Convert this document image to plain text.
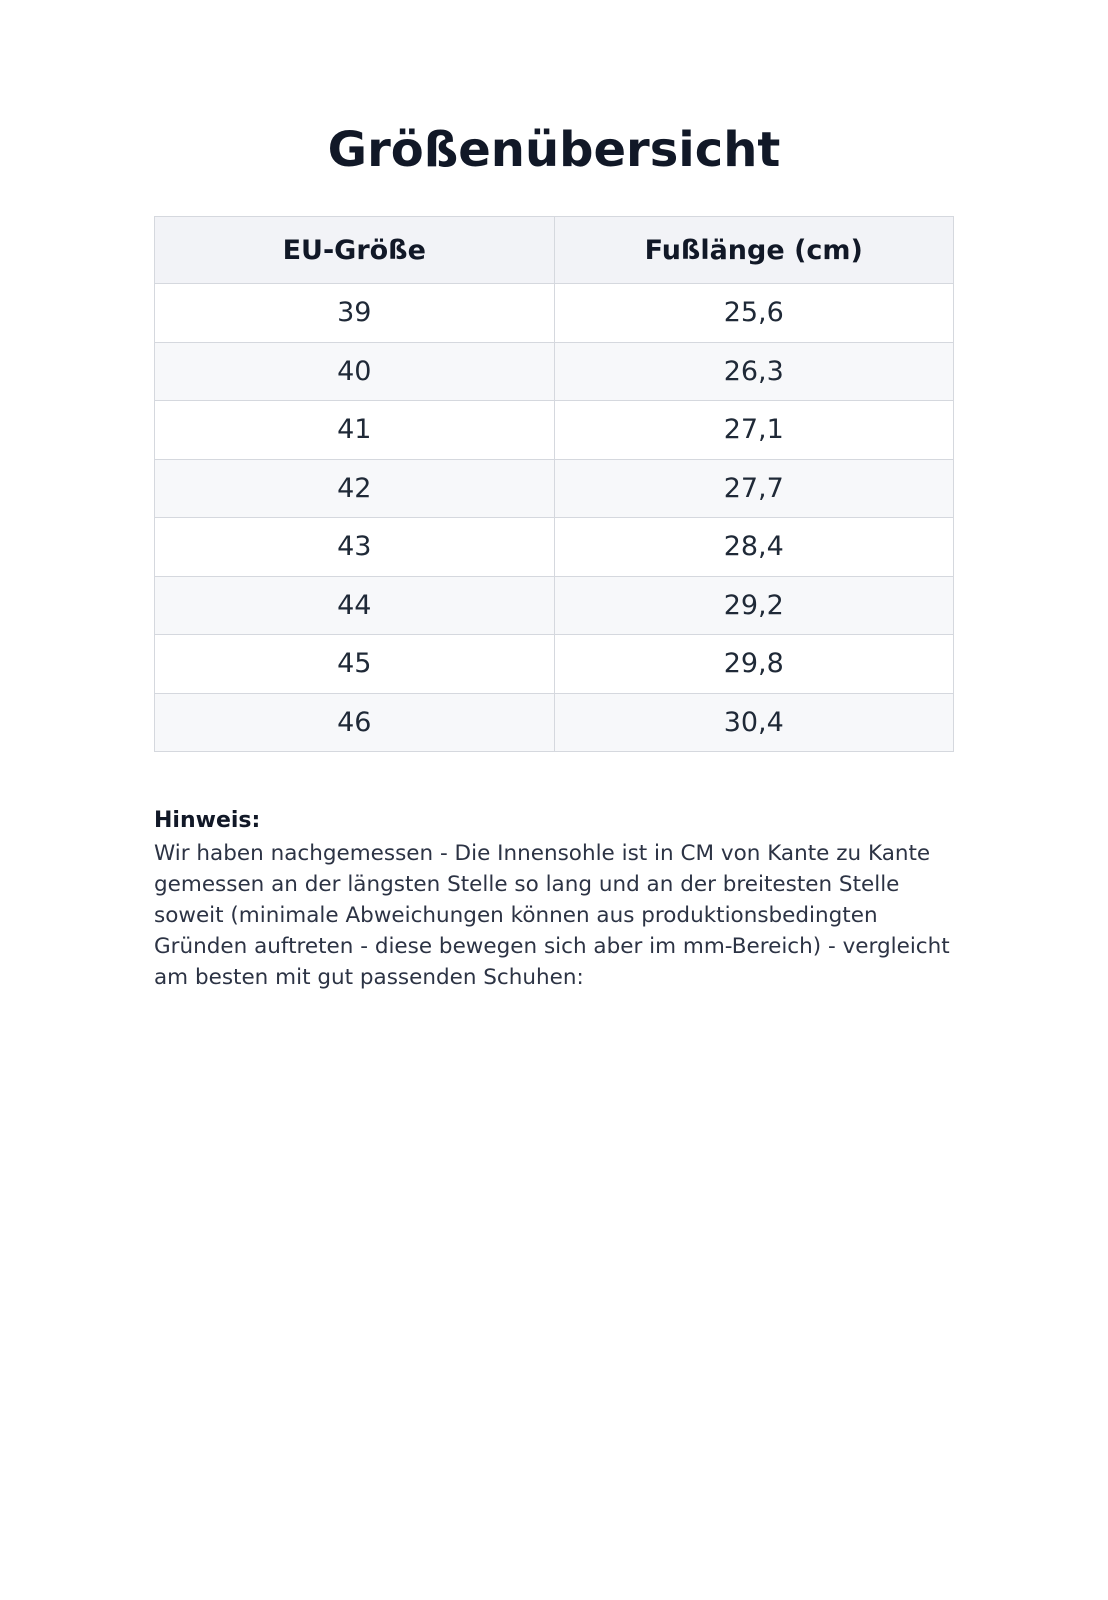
Größenübersicht
EU-Größe	Fußlänge (cm)
39	25,6
40	26,3
41	27,1
42	27,7
43	28,4
44	29,2
45	29,8
46	30,4
Hinweis:
Wir haben nachgemessen - Die Innensohle ist in CM von Kante zu Kante gemessen an der längsten Stelle so lang und an der breitesten Stelle soweit (minimale Abweichungen können aus produktionsbedingten Gründen auftreten - diese bewegen sich aber im mm-Bereich) - vergleicht am besten mit gut passenden Schuhen:
